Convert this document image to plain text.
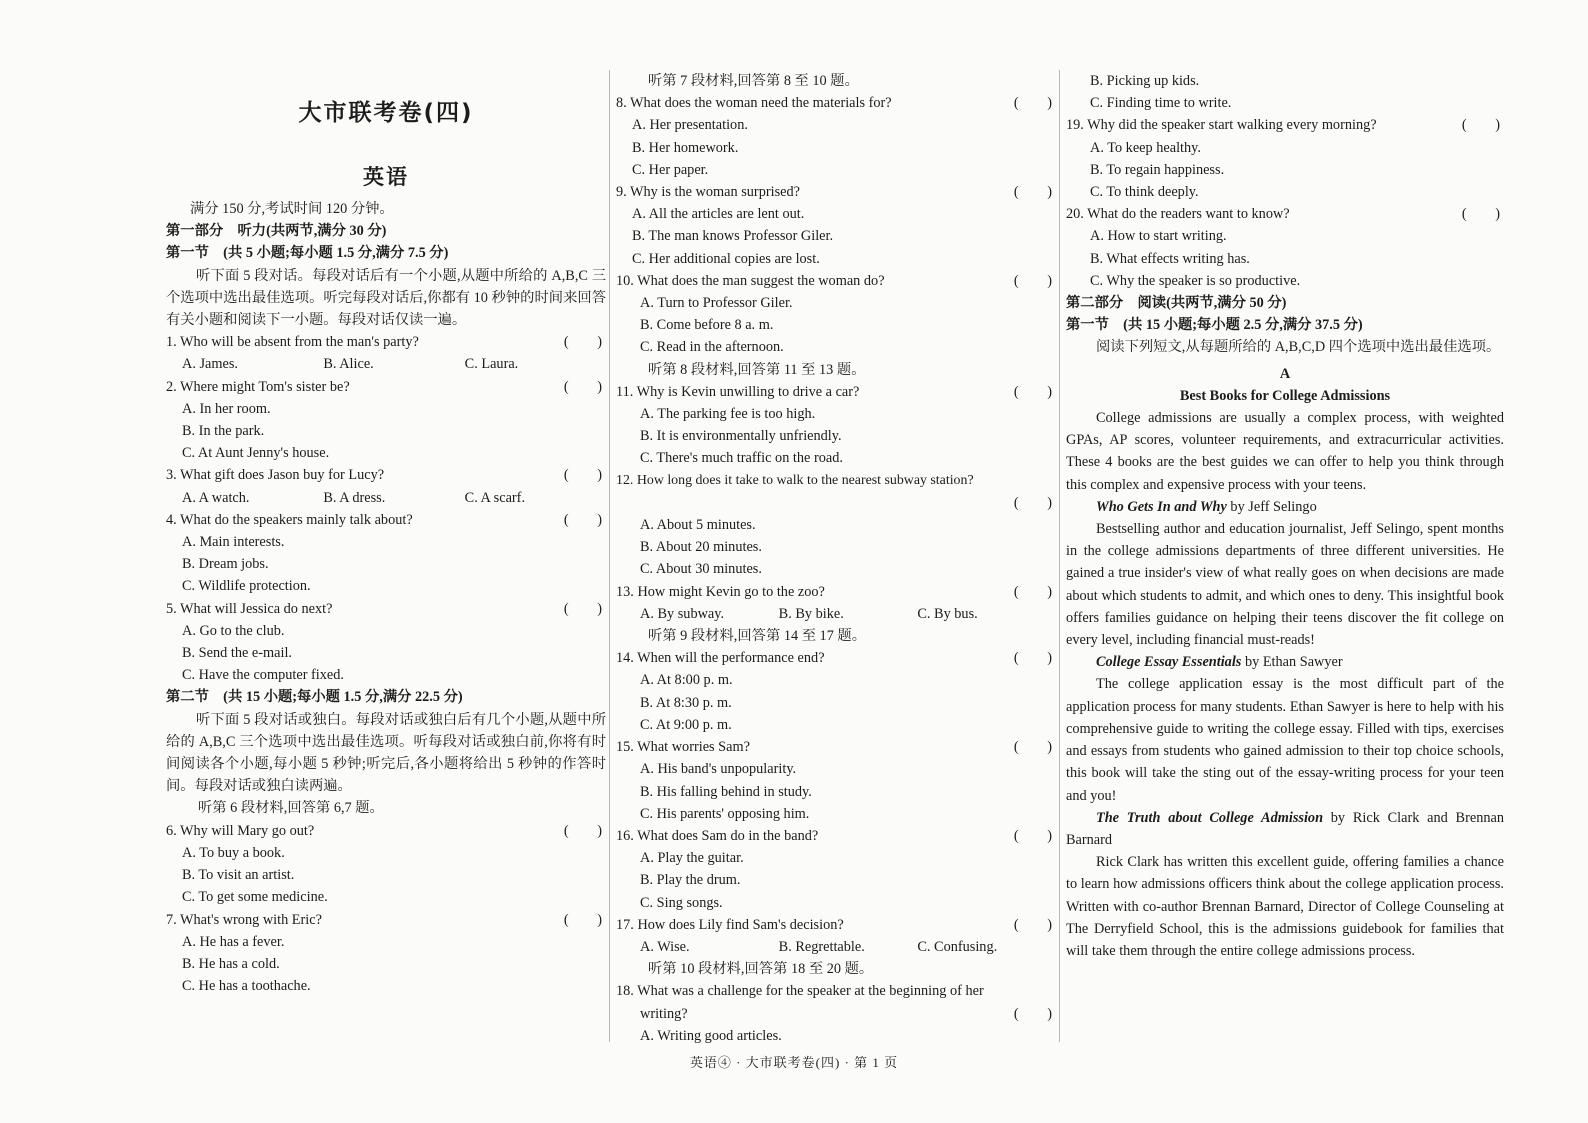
大市联考卷(四)
英语
满分 150 分,考试时间 120 分钟。
第一部分　听力(共两节,满分 30 分)
第一节　(共 5 小题;每小题 1.5 分,满分 7.5 分)
听下面 5 段对话。每段对话后有一个小题,从题中所给的 A,B,C 三个选项中选出最佳选项。听完每段对话后,你都有 10 秒钟的时间来回答有关小题和阅读下一小题。每段对话仅读一遍。
1. Who will be absent from the man's party?	(　　)
A. James.	B. Alice.	C. Laura.
2. Where might Tom's sister be?	(　　)
A. In her room.
B. In the park.
C. At Aunt Jenny's house.
3. What gift does Jason buy for Lucy?	(　　)
A. A watch.	B. A dress.	C. A scarf.
4. What do the speakers mainly talk about?	(　　)
A. Main interests.
B. Dream jobs.
C. Wildlife protection.
5. What will Jessica do next?	(　　)
A. Go to the club.
B. Send the e-mail.
C. Have the computer fixed.
第二节　(共 15 小题;每小题 1.5 分,满分 22.5 分)
听下面 5 段对话或独白。每段对话或独白后有几个小题,从题中所给的 A,B,C 三个选项中选出最佳选项。听每段对话或独白前,你将有时间阅读各个小题,每小题 5 秒钟;听完后,各小题将给出 5 秒钟的作答时间。每段对话或独白读两遍。
听第 6 段材料,回答第 6,7 题。
6. Why will Mary go out?	(　　)
A. To buy a book.
B. To visit an artist.
C. To get some medicine.
7. What's wrong with Eric?	(　　)
A. He has a fever.
B. He has a cold.
C. He has a toothache.
听第 7 段材料,回答第 8 至 10 题。
8. What does the woman need the materials for?	(　　)
A. Her presentation.
B. Her homework.
C. Her paper.
9. Why is the woman surprised?	(　　)
A. All the articles are lent out.
B. The man knows Professor Giler.
C. Her additional copies are lost.
10. What does the man suggest the woman do?	(　　)
A. Turn to Professor Giler.
B. Come before 8 a. m.
C. Read in the afternoon.
听第 8 段材料,回答第 11 至 13 题。
11. Why is Kevin unwilling to drive a car?	(　　)
A. The parking fee is too high.
B. It is environmentally unfriendly.
C. There's much traffic on the road.
12. How long does it take to walk to the nearest subway station?
(　　)
A. About 5 minutes.
B. About 20 minutes.
C. About 30 minutes.
13. How might Kevin go to the zoo?	(　　)
A. By subway.	B. By bike.	C. By bus.
听第 9 段材料,回答第 14 至 17 题。
14. When will the performance end?	(　　)
A. At 8:00 p. m.
B. At 8:30 p. m.
C. At 9:00 p. m.
15. What worries Sam?	(　　)
A. His band's unpopularity.
B. His falling behind in study.
C. His parents' opposing him.
16. What does Sam do in the band?	(　　)
A. Play the guitar.
B. Play the drum.
C. Sing songs.
17. How does Lily find Sam's decision?	(　　)
A. Wise.	B. Regrettable.	C. Confusing.
听第 10 段材料,回答第 18 至 20 题。
18. What was a challenge for the speaker at the beginning of her writing?	(　　)
A. Writing good articles.
B. Picking up kids.
C. Finding time to write.
19. Why did the speaker start walking every morning?	(　　)
A. To keep healthy.
B. To regain happiness.
C. To think deeply.
20. What do the readers want to know?	(　　)
A. How to start writing.
B. What effects writing has.
C. Why the speaker is so productive.
第二部分　阅读(共两节,满分 50 分)
第一节　(共 15 小题;每小题 2.5 分,满分 37.5 分)
阅读下列短文,从每题所给的 A,B,C,D 四个选项中选出最佳选项。
A
Best Books for College Admissions
College admissions are usually a complex process, with weighted GPAs, AP scores, volunteer requirements, and extracurricular activities. These 4 books are the best guides we can offer to help you think through this complex and expensive process with your teens.
Who Gets In and Why by Jeff Selingo
Bestselling author and education journalist, Jeff Selingo, spent months in the college admissions departments of three different universities. He gained a true insider's view of what really goes on when decisions are made about which students to admit, and which ones to deny. This insightful book offers families guidance on helping their teens discover the fit college on every level, including financial must-reads!
College Essay Essentials by Ethan Sawyer
The college application essay is the most difficult part of the application process for many students. Ethan Sawyer is here to help with his comprehensive guide to writing the college essay. Filled with tips, exercises and essays from students who gained admission to their top choice schools, this book will take the sting out of the essay-writing process for your teen and you!
The Truth about College Admission by Rick Clark and Brennan Barnard
Rick Clark has written this excellent guide, offering families a chance to learn how admissions officers think about the college application process. Written with co-author Brennan Barnard, Director of College Counseling at The Derryfield School, this is the admissions guidebook for families that will take them through the entire college admissions process.
英语④ · 大市联考卷(四) · 第 1 页
